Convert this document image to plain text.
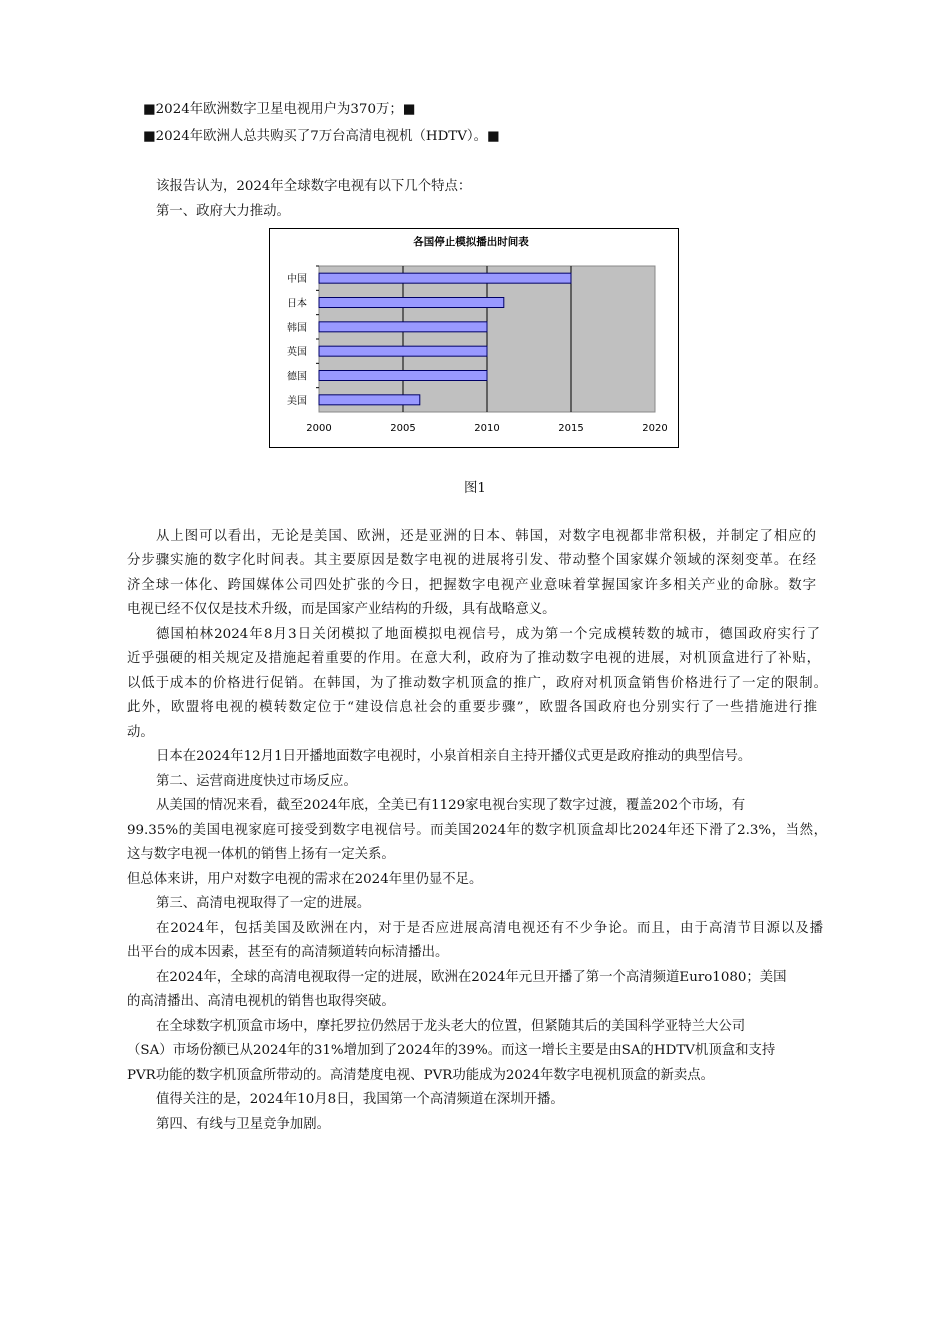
■2024年欧洲数字卫星电视用户为370万；■
■2024年欧洲人总共购买了7万台高清电视机（HDTV）。■
该报告认为，2024年全球数字电视有以下几个特点：
第一、政府大力推动。
各国停止模拟播出时间表
中国
日本
韩国
英国
德国
美国
2000	2005	2010	2015	2020
图1
从上图可以看出，无论是美国、欧洲，还是亚洲的日本、韩国，对数字电视都非常积极，并制定了相应的
分步骤实施的数字化时间表。其主要原因是数字电视的进展将引发、带动整个国家媒介领域的深刻变革。在经
济全球一体化、跨国媒体公司四处扩张的今日，把握数字电视产业意味着掌握国家许多相关产业的命脉。数字
电视已经不仅仅是技术升级，而是国家产业结构的升级，具有战略意义。
德国柏林2024年8月3日关闭模拟了地面模拟电视信号，成为第一个完成模转数的城市，德国政府实行了
近乎强硬的相关规定及措施起着重要的作用。在意大利，政府为了推动数字电视的进展，对机顶盒进行了补贴，
以低于成本的价格进行促销。在韩国，为了推动数字机顶盒的推广，政府对机顶盒销售价格进行了一定的限制。
此外，欧盟将电视的模转数定位于“建设信息社会的重要步骤”，欧盟各国政府也分别实行了一些措施进行推
动。
日本在2024年12月1日开播地面数字电视时，小泉首相亲自主持开播仪式更是政府推动的典型信号。
第二、运营商进度快过市场反应。
从美国的情况来看，截至2024年底，全美已有1129家电视台实现了数字过渡，覆盖202个市场，有
99.35%的美国电视家庭可接受到数字电视信号。而美国2024年的数字机顶盒却比2024年还下滑了2.3%，当然，
这与数字电视一体机的销售上扬有一定关系。
但总体来讲，用户对数字电视的需求在2024年里仍显不足。
第三、高清电视取得了一定的进展。
在2024年，包括美国及欧洲在内，对于是否应进展高清电视还有不少争论。而且，由于高清节目源以及播
出平台的成本因素，甚至有的高清频道转向标清播出。
在2024年，全球的高清电视取得一定的进展，欧洲在2024年元旦开播了第一个高清频道Euro1080；美国
的高清播出、高清电视机的销售也取得突破。
在全球数字机顶盒市场中，摩托罗拉仍然居于龙头老大的位置，但紧随其后的美国科学亚特兰大公司
（SA）市场份额已从2024年的31%增加到了2024年的39%。而这一增长主要是由SA的HDTV机顶盒和支持
PVR功能的数字机顶盒所带动的。高清楚度电视、PVR功能成为2024年数字电视机顶盒的新卖点。
值得关注的是，2024年10月8日，我国第一个高清频道在深圳开播。
第四、有线与卫星竞争加剧。
